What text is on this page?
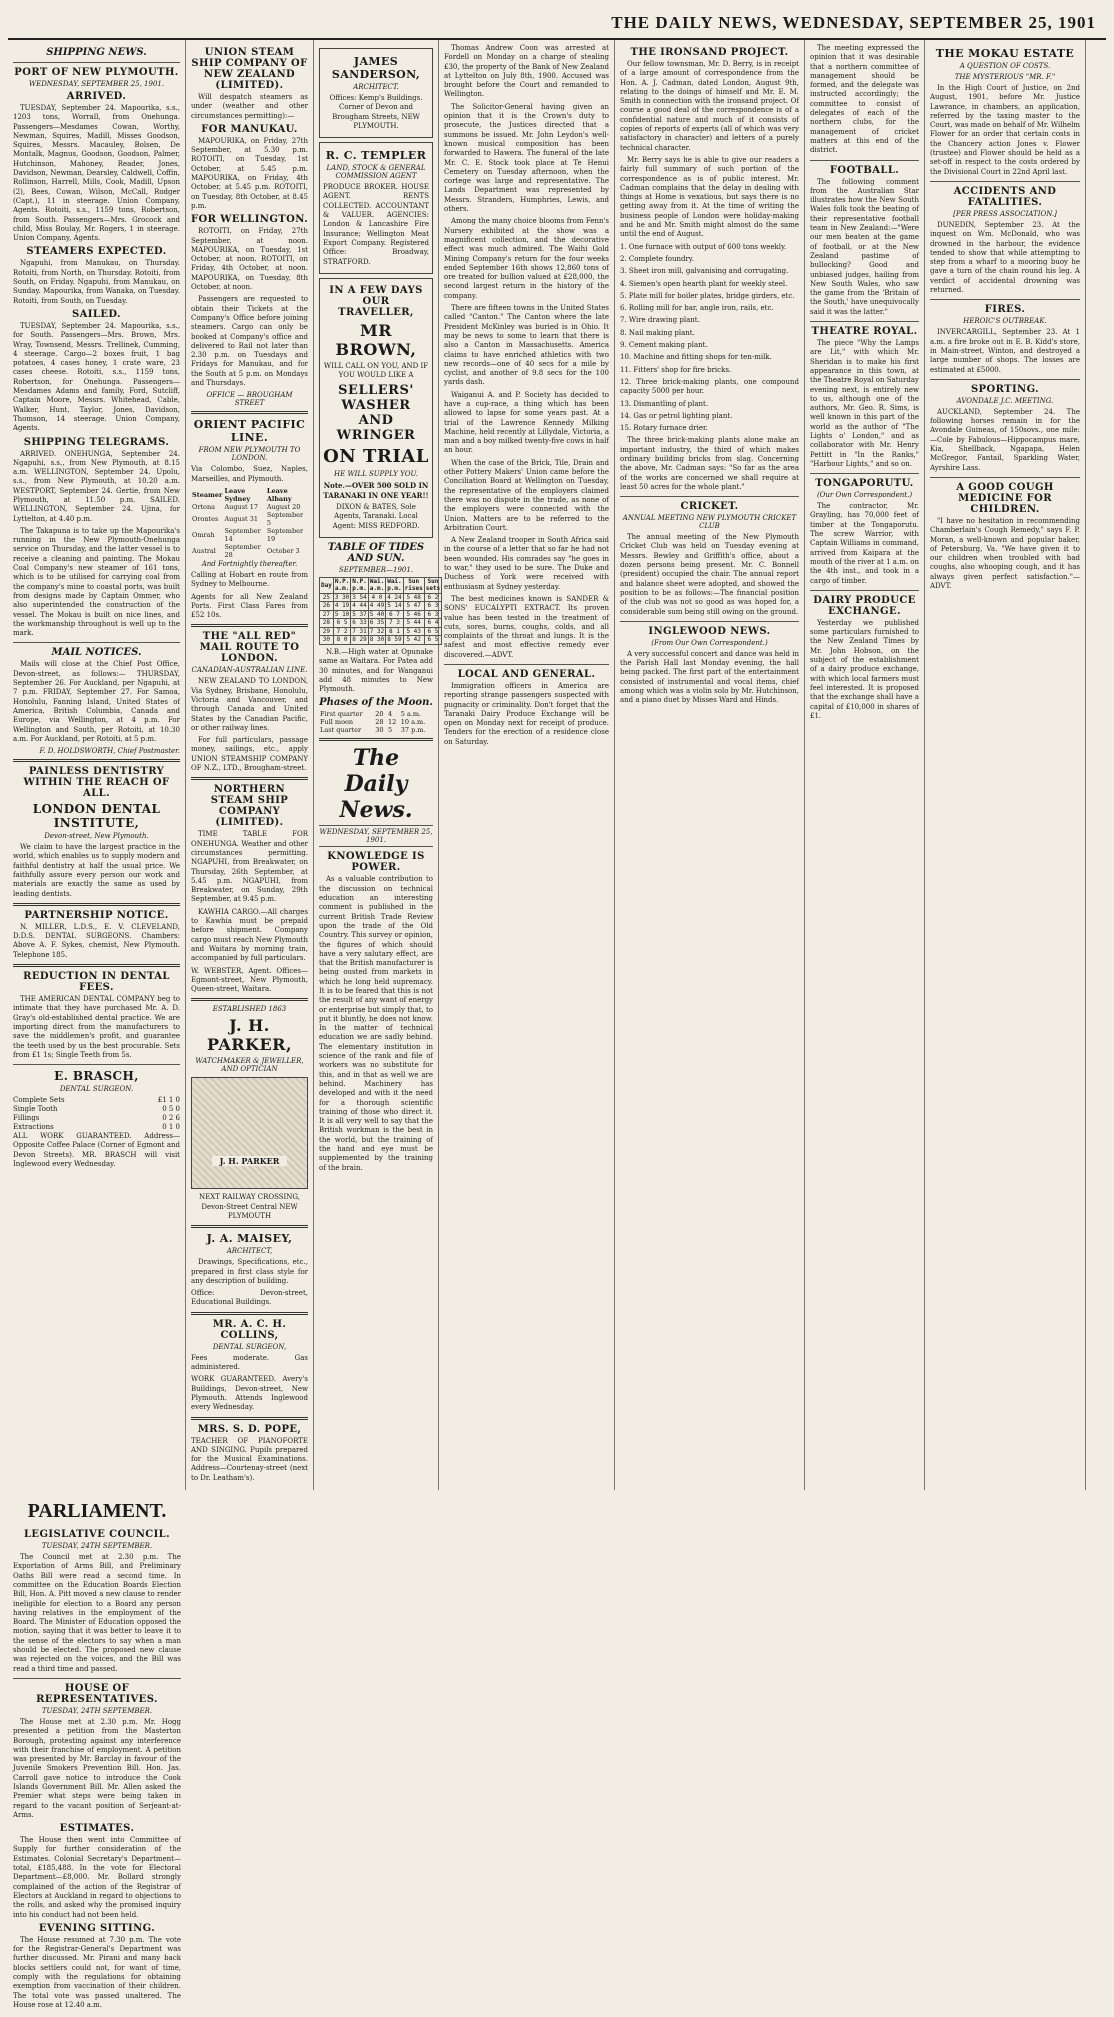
THE DAILY NEWS, WEDNESDAY, SEPTEMBER 25, 1901
SHIPPING NEWS.
PORT OF NEW PLYMOUTH.
WEDNESDAY, SEPTEMBER 25, 1901.
ARRIVED.

TUESDAY, September 24. Mapourika, s.s., 1203 tons, Worrall, from Onehunga. Passengers—Mesdames Cowan, Worthy, Newman, Squires, Madill, Misses Goodson, Squires, Messrs. Macauley, Bolsen, De Montalk, Magnus, Goodson, Goodson, Palmer, Hutchinson, Mahoney, Reader, Jones, Davidson, Newman, Dearsley, Caldwell, Coffin, Rollinson, Harrell, Mills, Cook, Madill, Upson (2), Bees, Cowan, Wilson, McCall, Rodger (Capt.), 11 in steerage. Union Company, Agents. Rotoiti, s.s., 1159 tons, Robertson, from South. Passengers—Mrs. Grocock and child, Miss Boulay, Mr. Rogers, 1 in steerage. Union Company, Agents.

STEAMERS EXPECTED.

Ngapuhi, from Manukau, on Thursday. Rotoiti, from North, on Thursday. Rotoiti, from South, on Friday. Ngapuhi, from Manukau, on Sunday. Mapourika, from Wanaka, on Tuesday. Rotoiti, from South, on Tuesday.

SAILED.

TUESDAY, September 24. Mapourika, s.s., for South. Passengers—Mrs. Brown, Mrs. Wray, Townsend, Messrs. Trellinek, Cumming, 4 steerage. Cargo—2 boxes fruit, 1 bag potatoes, 4 cases honey, 1 crate ware, 23 cases cheese. Rotoiti, s.s., 1159 tons, Robertson, for Onehunga. Passengers—Mesdames Adams and family, Ford, Sutcliff, Captain Moore, Messrs. Whitehead, Cable, Walker, Hunt, Taylor, Jones, Davidson, Thomson, 14 steerage. Union Company, Agents.

SHIPPING TELEGRAMS.

ARRIVED. ONEHUNGA, September 24. Ngapuhi, s.s., from New Plymouth, at 8.15 a.m. WELLINGTON, September 24. Upolu, s.s., from New Plymouth, at 10.20 a.m. WESTPORT, September 24. Gertie, from New Plymouth, at 11.50 p.m. SAILED. WELLINGTON, September 24. Ujina, for Lyttelton, at 4.40 p.m.

The Takapuna is to take up the Mapourika's running in the New Plymouth-Onehunga service on Thursday, and the latter vessel is to receive a cleaning and painting. The Mokau Coal Company's new steamer of 161 tons, which is to be utilised for carrying coal from the company's mine to coastal ports, was built from designs made by Captain Ommer, who also superintended the construction of the vessel. The Mokau is built on nice lines, and the workmanship throughout is well up to the mark.

MAIL NOTICES.

Mails will close at the Chief Post Office, Devon-street, as follows:— THURSDAY, September 26. For Auckland, per Ngapuhi, at 7 p.m. FRIDAY, September 27. For Samoa, Honolulu, Fanning Island, United States of America, British Columbia, Canada and Europe, via Wellington, at 4 p.m. For Wellington and South, per Rotoiti, at 10.30 a.m. For Auckland, per Rotoiti, at 5 p.m.

F. D. HOLDSWORTH, Chief Postmaster.
PAINLESS DENTISTRY WITHIN THE REACH OF ALL.
LONDON DENTAL INSTITUTE,
Devon-street, New Plymouth.

We claim to have the largest practice in the world, which enables us to supply modern and faithful dentistry at half the usual price. We faithfully assure every person our work and materials are exactly the same as used by leading dentists.

PARTNERSHIP NOTICE.

N. MILLER, L.D.S., E. V. CLEVELAND, D.D.S. DENTAL SURGEONS. Chambers: Above A. F. Sykes, chemist, New Plymouth. Telephone 185.

REDUCTION IN DENTAL FEES.

THE AMERICAN DENTAL COMPANY beg to intimate that they have purchased Mr. A. D. Gray's old-established dental practice. We are importing direct from the manufacturers to save the middlemen's profit, and guarantee the teeth used by us the best procurable. Sets from £1 1s; Single Teeth from 5s.

E. BRASCH,
DENTAL SURGEON.
Complete Sets	£1 1 0
Single Tooth	0 5 0
Fillings	0 2 6
Extractions	0 1 0

ALL WORK GUARANTEED. Address—Opposite Coffee Palace (Corner of Egmont and Devon Streets). MR. BRASCH will visit Inglewood every Wednesday.

UNION STEAM SHIP COMPANY OF NEW ZEALAND (LIMITED).

Will despatch steamers as under (weather and other circumstances permitting):—

FOR MANUKAU.

MAPOURIKA, on Friday, 27th September, at 5.30 p.m. ROTOITI, on Tuesday, 1st October, at 5.45 p.m. MAPOURIKA, on Friday, 4th October, at 5.45 p.m. ROTOITI, on Tuesday, 8th October, at 8.45 p.m.

FOR WELLINGTON.

ROTOITI, on Friday, 27th September, at noon. MAPOURIKA, on Tuesday, 1st October, at noon. ROTOITI, on Friday, 4th October, at noon. MAPOURIKA, on Tuesday, 8th October, at noon.

Passengers are requested to obtain their Tickets at the Company's Office before joining steamers. Cargo can only be booked at Company's office and delivered to Rail not later than 2.30 p.m. on Tuesdays and Fridays for Manukau, and for the South at 5 p.m. on Mondays and Thursdays.

OFFICE — BROUGHAM STREET
ORIENT PACIFIC LINE.
FROM NEW PLYMOUTH TO LONDON.

Via Colombo, Suez, Naples, Marseilles, and Plymouth.

Steamer	Leave Sydney	Leave Albany
Ortona	August 17	August 20
Orontes	August 31	September 5
Omrah	September 14	September 19
Austral	September 28	October 3
And Fortnightly thereafter.

Calling at Hobart en route from Sydney to Melbourne.

Agents for all New Zealand Ports. First Class Fares from £52 10s.

THE "ALL RED" MAIL ROUTE TO LONDON.
CANADIAN-AUSTRALIAN LINE.

NEW ZEALAND TO LONDON, Via Sydney, Brisbane, Honolulu, Victoria and Vancouver, and through Canada and United States by the Canadian Pacific, or other railway lines.

For full particulars, passage money, sailings, etc., apply UNION STEAMSHIP COMPANY OF N.Z., LTD., Brougham-street.

NORTHERN STEAM SHIP COMPANY (LIMITED).

TIME TABLE FOR ONEHUNGA. Weather and other circumstances permitting. NGAPUHI, from Breakwater, on Thursday, 26th September, at 5.45 p.m. NGAPUHI, from Breakwater, on Sunday, 29th September, at 9.45 p.m.

KAWHIA CARGO.—All charges to Kawhia must be prepaid before shipment. Company cargo must reach New Plymouth and Waitara by morning train, accompanied by full particulars.

W. WEBSTER, Agent. Offices—Egmont-street, New Plymouth, Queen-street, Waitara.

ESTABLISHED 1863
J. H. PARKER,
WATCHMAKER & JEWELLER, AND OPTICIAN
J. H. PARKER

NEXT RAILWAY CROSSING, Devon-Street Central NEW PLYMOUTH

J. A. MAISEY,
ARCHITECT,

Drawings, Specifications, etc., prepared in first class style for any description of building.

Office: Devon-street, Educational Buildings.

MR. A. C. H. COLLINS,
DENTAL SURGEON,

Fees moderate. Gas administered.

WORK GUARANTEED. Avery's Buildings, Devon-street, New Plymouth. Attends Inglewood every Wednesday.

MRS. S. D. POPE,

TEACHER OF PIANOFORTE AND SINGING. Pupils prepared for the Musical Examinations. Address—Courtenay-street (next to Dr. Leatham's).

JAMES SANDERSON,
ARCHITECT.

Offices: Kemp's Buildings. Corner of Devon and Brougham Streets, NEW PLYMOUTH.

R. C. TEMPLER
LAND, STOCK & GENERAL COMMISSION AGENT

PRODUCE BROKER. HOUSE AGENT. RENTS COLLECTED. ACCOUNTANT & VALUER. AGENCIES: London & Lancashire Fire Insurance; Wellington Meat Export Company. Registered Office: Broadway, STRATFORD.

IN A FEW DAYS OUR TRAVELLER,
MR BROWN,

WILL CALL ON YOU, AND IF YOU WOULD LIKE A

SELLERS' WASHER AND WRINGER
ON TRIAL
HE WILL SUPPLY YOU.

Note.—OVER 500 SOLD IN TARANAKI IN ONE YEAR!!

DIXON & BATES, Sole Agents, Taranaki. Local Agent: MISS REDFORD.

TABLE OF TIDES AND SUN.
SEPTEMBER—1901.
Day	N.P. a.m.	N.P. p.m.	Wai. a.m.	Wai. p.m.	Sun rises	Sun sets
25	3 30	3 54	4 0	4 24	5 48	6 2
26	4 19	4 44	4 49	5 14	5 47	6 3
27	5 10	5 37	5 40	6 7	5 46	6 3
28	6 5	6 33	6 35	7 3	5 44	6 4
29	7 2	7 31	7 32	8 1	5 43	6 5
30	8 0	8 29	8 30	8 59	5 42	6 5

N.B.—High water at Opunake same as Waitara. For Patea add 30 minutes, and for Wanganui add 48 minutes to New Plymouth.

Phases of the Moon.
First quarter	20	4	5 a.m.
Full moon	28	12	10 a.m.
Last quarter	30	5	37 p.m.
The Daily News.
WEDNESDAY, SEPTEMBER 25, 1901.
KNOWLEDGE IS POWER.

As a valuable contribution to the discussion on technical education an interesting comment is published in the current British Trade Review upon the trade of the Old Country. This survey or opinion, the figures of which should have a very salutary effect, are that the British manufacturer is being ousted from markets in which he long held supremacy. It is to be feared that this is not the result of any want of energy or enterprise but simply that, to put it bluntly, he does not know. In the matter of technical education we are sadly behind. The elementary institution in science of the rank and file of workers was no substitute for this, and in that as well we are behind. Machinery has developed and with it the need for a thorough scientific training of those who direct it. It is all very well to say that the British workman is the best in the world, but the training of the hand and eye must be supplemented by the training of the brain.

Thomas Andrew Coon was arrested at Fordell on Monday on a charge of stealing £30, the property of the Bank of New Zealand at Lyttelton on July 8th, 1900. Accused was brought before the Court and remanded to Wellington.

The Solicitor-General having given an opinion that it is the Crown's duty to prosecute, the Justices directed that a summons be issued. Mr. John Leydon's well-known musical composition has been forwarded to Hawera. The funeral of the late Mr. C. E. Stock took place at Te Henui Cemetery on Tuesday afternoon, when the cortege was large and representative. The Lands Department was represented by Messrs. Stranders, Humphries, Lewis, and others.

Among the many choice blooms from Fenn's Nursery exhibited at the show was a magnificent collection, and the decorative effect was much admired. The Waihi Gold Mining Company's return for the four weeks ended September 16th shows 12,860 tons of ore treated for bullion valued at £28,000, the second largest return in the history of the company.

There are fifteen towns in the United States called "Canton." The Canton where the late President McKinley was buried is in Ohio. It may be news to some to learn that there is also a Canton in Massachusetts. America claims to have enriched athletics with two new records—one of 40 secs for a mile by cyclist, and another of 9.8 secs for the 100 yards dash.

Waiganui A. and P. Society has decided to have a cup-race, a thing which has been allowed to lapse for some years past. At a trial of the Lawrence Kennedy Milking Machine, held recently at Lillydale, Victoria, a man and a boy milked twenty-five cows in half an hour.

When the case of the Brick, Tile, Drain and other Pottery Makers' Union came before the Conciliation Board at Wellington on Tuesday, the representative of the employers claimed there was no dispute in the trade, as none of the employers were connected with the Union. Matters are to be referred to the Arbitration Court.

A New Zealand trooper in South Africa said in the course of a letter that so far he had not been wounded. His comrades say "he goes in to war," they used to be sure. The Duke and Duchess of York were received with enthusiasm at Sydney yesterday.

The best medicines known is SANDER & SONS' EUCALYPTI EXTRACT. Its proven value has been tested in the treatment of cuts, sores, burns, coughs, colds, and all complaints of the throat and lungs. It is the safest and most effective remedy ever discovered.—ADVT.

LOCAL AND GENERAL.

Immigration officers in America are reporting strange passengers suspected with pugnacity or criminality. Don't forget that the Taranaki Dairy Produce Exchange will be open on Monday next for receipt of produce. Tenders for the erection of a residence close on Saturday.

THE IRONSAND PROJECT.

Our fellow townsman, Mr. D. Berry, is in receipt of a large amount of correspondence from the Hon. A. J. Cadman, dated London, August 9th, relating to the doings of himself and Mr. E. M. Smith in connection with the ironsand project. Of course a good deal of the correspondence is of a confidential nature and much of it consists of copies of reports of experts (all of which was very satisfactory in character) and letters of a purely technical character.

Mr. Berry says he is able to give our readers a fairly full summary of such portion of the correspondence as is of public interest. Mr. Cadman complains that the delay in dealing with things at Home is vexatious, but says there is no getting away from it. At the time of writing the business people of London were holiday-making and he and Mr. Smith might almost do the same until the end of August.

1. One furnace with output of 600 tons weekly.

2. Complete foundry.

3. Sheet iron mill, galvanising and corrugating.

4. Siemen's open hearth plant for weekly steel.

5. Plate mill for boiler plates, bridge girders, etc.

6. Rolling mill for bar, angle iron, rails, etc.

7. Wire drawing plant.

8. Nail making plant.

9. Cement making plant.

10. Machine and fitting shops for ten-milk.

11. Fitters' shop for fire bricks.

12. Three brick-making plants, one compound capacity 5000 per hour.

13. Dismantling of plant.

14. Gas or petrol lighting plant.

15. Rotary furnace drier.

The three brick-making plants alone make an important industry, the third of which makes ordinary building bricks from slag. Concerning the above, Mr. Cadman says: "So far as the area of the works are concerned we shall require at least 50 acres for the whole plant."

CRICKET.
ANNUAL MEETING NEW PLYMOUTH CRICKET CLUB

The annual meeting of the New Plymouth Cricket Club was held on Tuesday evening at Messrs. Bewley and Griffith's office, about a dozen persons being present. Mr. C. Bonnell (president) occupied the chair. The annual report and balance sheet were adopted, and showed the position to be as follows:—The financial position of the club was not so good as was hoped for, a considerable sum being still owing on the ground.

INGLEWOOD NEWS.
(From Our Own Correspondent.)

A very successful concert and dance was held in the Parish Hall last Monday evening, the hall being packed. The first part of the entertainment consisted of instrumental and vocal items, chief among which was a violin solo by Mr. Hutchinson, and a piano duet by Misses Ward and Hinds.

The meeting expressed the opinion that it was desirable that a northern committee of management should be formed, and the delegate was instructed accordingly; the committee to consist of delegates of each of the northern clubs, for the management of cricket matters at this end of the district.

FOOTBALL.

The following comment from the Australian Star illustrates how the New South Wales folk took the beating of their representative football team in New Zealand:—"Were our men beaten at the game of football, or at the New Zealand pastime of bullocking? Good and unbiased judges, hailing from New South Wales, who saw the game from the 'Britain of the South,' have unequivocally said it was the latter."

THEATRE ROYAL.

The piece "Why the Lamps are Lit," with which Mr. Sheridan is to make his first appearance in this town, at the Theatre Royal on Saturday evening next, is entirely new to us, although one of the authors, Mr. Geo. R. Sims, is well known in this part of the world as the author of "The Lights o' London," and as collaborator with Mr. Henry Pettitt in "In the Ranks," "Harbour Lights," and so on.

TONGAPORUTU.
(Our Own Correspondent.)

The contractor, Mr. Grayling, has 70,000 feet of timber at the Tongaporutu. The screw Warrior, with Captain Williams in command, arrived from Kaipara at the mouth of the river at 1 a.m. on the 4th inst., and took in a cargo of timber.

DAIRY PRODUCE EXCHANGE.

Yesterday we published some particulars furnished to the New Zealand Times by Mr. John Hobson, on the subject of the establishment of a dairy produce exchange, with which local farmers must feel interested. It is proposed that the exchange shall have a capital of £10,000 in shares of £1.

THE MOKAU ESTATE
A QUESTION OF COSTS.
THE MYSTERIOUS "MR. F."

In the High Court of Justice, on 2nd August, 1901, before Mr. Justice Lawrance, in chambers, an application, referred by the taxing master to the Court, was made on behalf of Mr. Wilhelm Flower for an order that certain costs in the Chancery action Jones v. Flower (trustee) and Flower should be held as a set-off in respect to the costs ordered by the Divisional Court in 22nd April last.

ACCIDENTS AND FATALITIES.
[PER PRESS ASSOCIATION.]

DUNEDIN, September 23. At the inquest on Wm. McDonald, who was drowned in the harbour, the evidence tended to show that while attempting to step from a wharf to a mooring buoy he gave a turn of the chain round his leg. A verdict of accidental drowning was returned.

FIRES.
HEROIC'S OUTBREAK.

INVERCARGILL, September 23. At 1 a.m. a fire broke out in E. B. Kidd's store, in Main-street, Winton, and destroyed a large number of shops. The losses are estimated at £5000.

SPORTING.
AVONDALE J.C. MEETING.

AUCKLAND, September 24. The following horses remain in for the Avondale Guineas, of 150sovs., one mile:—Cole by Fabulous—Hippocampus mare, Kia, Shellback, Ngapapa, Helen McGregor, Fantail, Sparkling Water, Ayrshire Lass.

A GOOD COUGH MEDICINE FOR CHILDREN.

"I have no hesitation in recommending Chamberlain's Cough Remedy," says F. P. Moran, a well-known and popular baker, of Petersburg, Va. "We have given it to our children when troubled with bad coughs, also whooping cough, and it has always given perfect satisfaction."—ADVT.

PARLIAMENT.
LEGISLATIVE COUNCIL.
TUESDAY, 24TH SEPTEMBER.

The Council met at 2.30 p.m. The Exportation of Arms Bill, and Preliminary Oaths Bill were read a second time. In committee on the Education Boards Election Bill, Hon. A. Pitt moved a new clause to render ineligible for election to a Board any person having relatives in the employment of the Board. The Minister of Education opposed the motion, saying that it was better to leave it to the sense of the electors to say when a man should be elected. The proposed new clause was rejected on the voices, and the Bill was read a third time and passed.

HOUSE OF REPRESENTATIVES.
TUESDAY, 24TH SEPTEMBER.

The House met at 2.30 p.m. Mr. Hogg presented a petition from the Masterton Borough, protesting against any interference with their franchise of employment. A petition was presented by Mr. Barclay in favour of the Juvenile Smokers Prevention Bill. Hon. Jas. Carroll gave notice to introduce the Cook Islands Government Bill. Mr. Allen asked the Premier what steps were being taken in regard to the vacant position of Serjeant-at-Arms.

ESTIMATES.

The House then went into Committee of Supply for further consideration of the Estimates. Colonial Secretary's Department—total, £185,488. In the vote for Electoral Department—£8,000. Mr. Bollard strongly complained of the action of the Registrar of Electors at Auckland in regard to objections to the rolls, and asked why the promised inquiry into his conduct had not been held.

EVENING SITTING.

The House resumed at 7.30 p.m. The vote for the Registrar-General's Department was further discussed. Mr. Pirani and many back blocks settlers could not, for want of time, comply with the regulations for obtaining exemption from vaccination of their children. The total vote was passed unaltered. The House rose at 12.40 a.m.
